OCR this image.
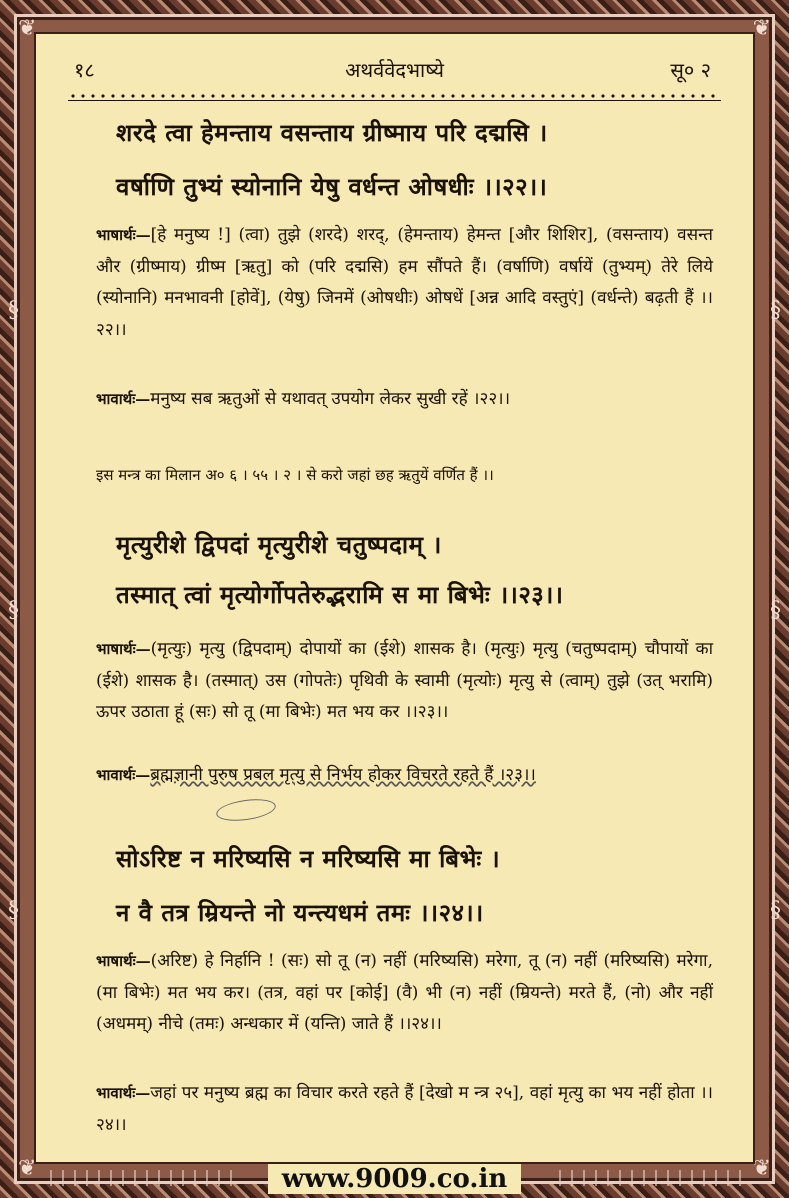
❦	❦
❦	❦
§
§
§
§
§
§
१८	अथर्ववेदभाष्ये	सू० २
शरदे त्वा हेमन्ताय वसन्ताय ग्रीष्माय परि दद्मसि ।
वर्षाणि तुभ्यं स्योनानि येषु वर्धन्त ओषधीः ।।२२।।
भाषार्थः—[हे मनुष्य !] (त्वा) तुझे (शरदे) शरद्, (हेमन्ताय) हेमन्त [और शिशिर], (वसन्ताय) वसन्त और (ग्रीष्माय) ग्रीष्म [ऋतु] को (परि दद्मसि) हम सौंपते हैं। (वर्षाणि) वर्षायें (तुभ्यम्) तेरे लिये (स्योनानि) मनभावनी [होवें], (येषु) जिनमें (ओषधीः) ओषधें [अन्न आदि वस्तुएं] (वर्धन्ते) बढ़ती हैं ।।२२।।
भावार्थः—मनुष्य सब ऋतुओं से यथावत् उपयोग लेकर सुखी रहें ।२२।।
इस मन्त्र का मिलान अ० ६ । ५५ । २ । से करो जहां छह ऋतुयें वर्णित हैं ।।
मृत्युरीशे द्विपदां मृत्युरीशे चतुष्पदाम् ।
तस्मात् त्वां मृत्योर्गोपतेरुद्भरामि स मा बिभेः ।।२३।।
भाषार्थः—(मृत्युः) मृत्यु (द्विपदाम्) दोपायों का (ईशे) शासक है। (मृत्युः) मृत्यु (चतुष्पदाम्) चौपायों का (ईशे) शासक है। (तस्मात्) उस (गोपतेः) पृथिवी के स्वामी (मृत्योः) मृत्यु से (त्वाम्) तुझे (उत् भरामि) ऊपर उठाता हूं (सः) सो तू (मा बिभेः) मत भय कर ।।२३।।
भावार्थः—ब्रह्मज्ञानी पुरुष प्रबल मृत्यु से निर्भय होकर विचरते रहते हैं ।२३।।
सोऽरिष्ट न मरिष्यसि न मरिष्यसि मा बिभेः ।
न वै तत्र म्रियन्ते नो यन्त्यधमं तमः ।।२४।।
भाषार्थः—(अरिष्ट) हे निर्हानि ! (सः) सो तू (न) नहीं (मरिष्यसि) मरेगा, तू (न) नहीं (मरिष्यसि) मरेगा, (मा बिभेः) मत भय कर। (तत्र, वहां पर [कोई] (वै) भी (न) नहीं (म्रियन्ते) मरते हैं, (नो) और नहीं (अधमम्) नीचे (तमः) अन्धकार में (यन्ति) जाते हैं ।।२४।।
भावार्थः—जहां पर मनुष्य ब्रह्म का विचार करते रहते हैं [देखो म न्त्र २५], वहां मृत्यु का भय नहीं होता ।।२४।।
www.9009.co.in
